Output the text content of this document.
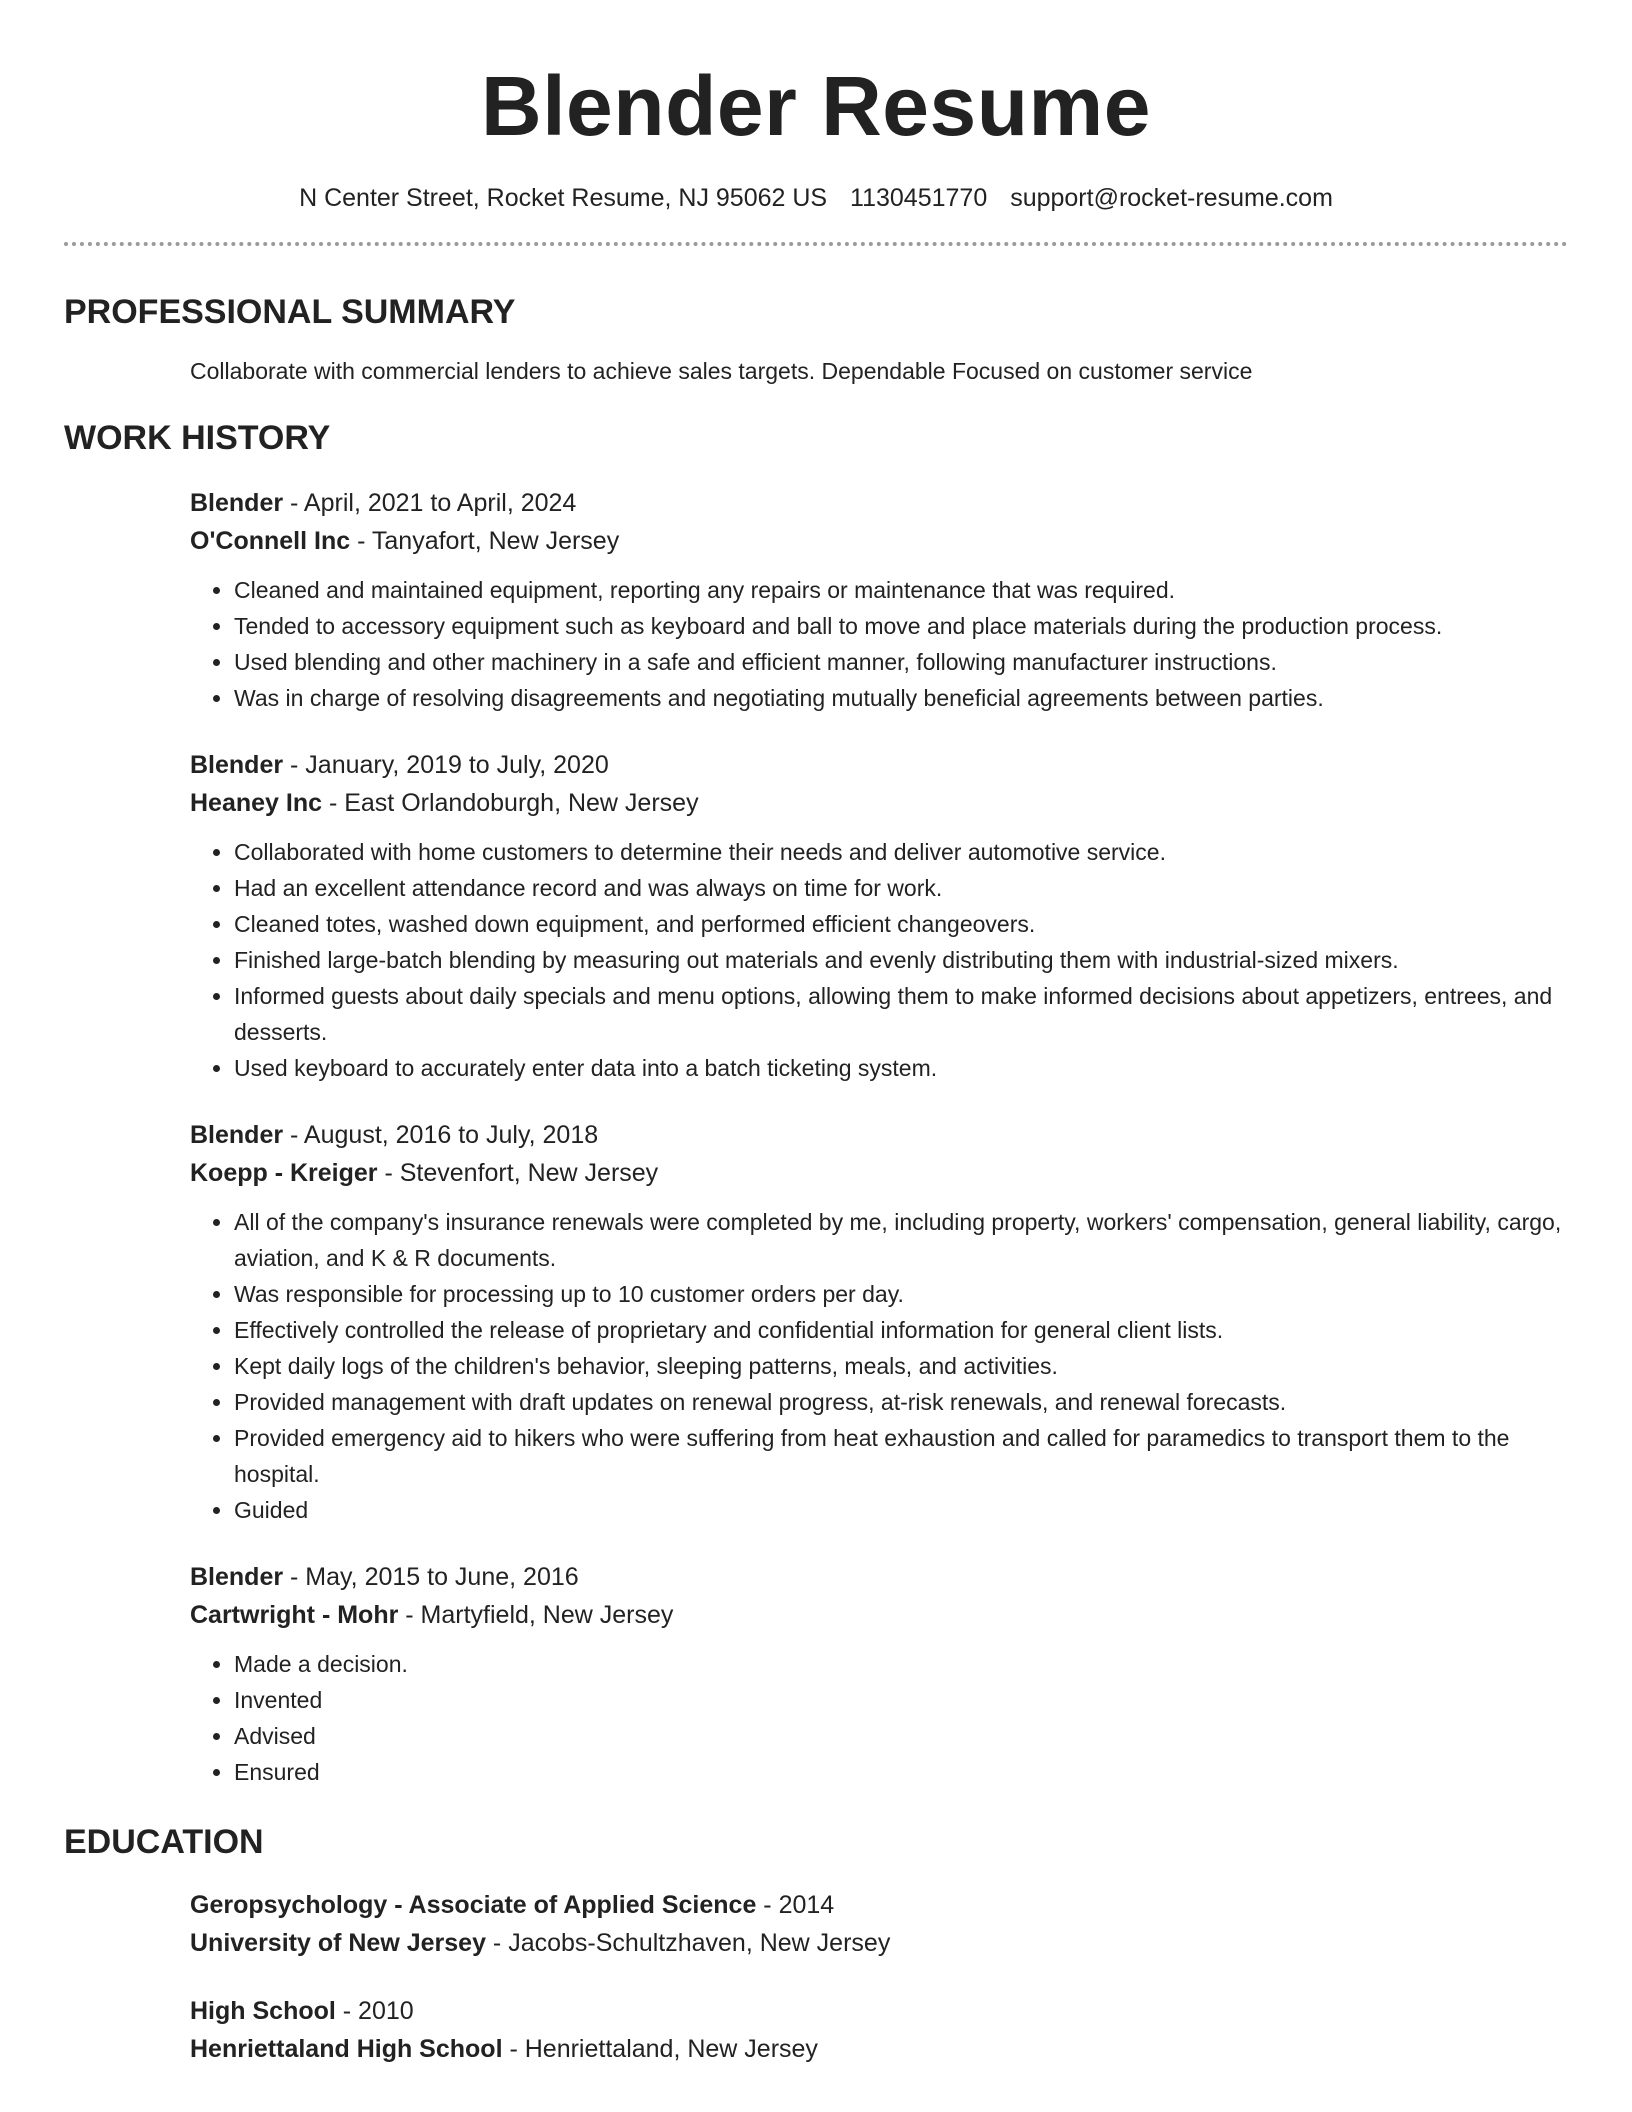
Blender Resume
N Center Street, Rocket Resume, NJ 95062 US 1130451770 support@rocket-resume.com
PROFESSIONAL SUMMARY
Collaborate with commercial lenders to achieve sales targets. Dependable Focused on customer service
WORK HISTORY
Blender - April, 2021 to April, 2024
O'Connell Inc - Tanyafort, New Jersey
• Cleaned and maintained equipment, reporting any repairs or maintenance that was required.
• Tended to accessory equipment such as keyboard and ball to move and place materials during the production process.
• Used blending and other machinery in a safe and efficient manner, following manufacturer instructions.
• Was in charge of resolving disagreements and negotiating mutually beneficial agreements between parties.
Blender - January, 2019 to July, 2020
Heaney Inc - East Orlandoburgh, New Jersey
• Collaborated with home customers to determine their needs and deliver automotive service.
• Had an excellent attendance record and was always on time for work.
• Cleaned totes, washed down equipment, and performed efficient changeovers.
• Finished large-batch blending by measuring out materials and evenly distributing them with industrial-sized mixers.
• Informed guests about daily specials and menu options, allowing them to make informed decisions about appetizers, entrees, and desserts.
• Used keyboard to accurately enter data into a batch ticketing system.
Blender - August, 2016 to July, 2018
Koepp - Kreiger - Stevenfort, New Jersey
• All of the company's insurance renewals were completed by me, including property, workers' compensation, general liability, cargo, aviation, and K & R documents.
• Was responsible for processing up to 10 customer orders per day.
• Effectively controlled the release of proprietary and confidential information for general client lists.
• Kept daily logs of the children's behavior, sleeping patterns, meals, and activities.
• Provided management with draft updates on renewal progress, at-risk renewals, and renewal forecasts.
• Provided emergency aid to hikers who were suffering from heat exhaustion and called for paramedics to transport them to the hospital.
• Guided
Blender - May, 2015 to June, 2016
Cartwright - Mohr - Martyfield, New Jersey
• Made a decision.
• Invented
• Advised
• Ensured
EDUCATION
Geropsychology - Associate of Applied Science - 2014
University of New Jersey - Jacobs-Schultzhaven, New Jersey
High School - 2010
Henriettaland High School - Henriettaland, New Jersey
